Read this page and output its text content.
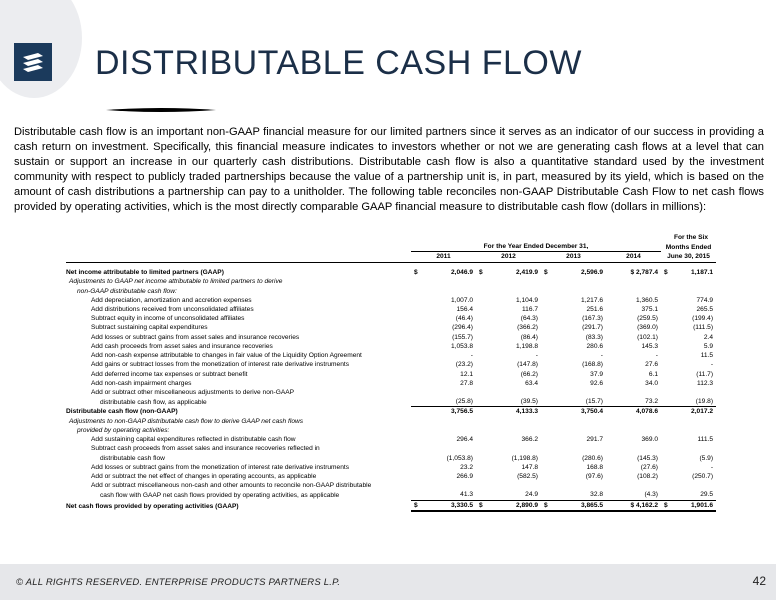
DISTRIBUTABLE CASH FLOW

Distributable cash flow is an important non-GAAP financial measure for our limited partners since it serves as an indicator of our success in providing a cash return on investment. Specifically, this financial measure indicates to investors whether or not we are generating cash flows at a level that can sustain or support an increase in our quarterly cash distributions. Distributable cash flow is also a quantitative standard used by the investment community with respect to publicly traded partnerships because the value of a partnership unit is, in part, measured by its yield, which is based on the amount of cash distributions a partnership can pay to a unitholder. The following table reconciles non-GAAP Distributable Cash Flow to net cash flows provided by operating activities, which is the most directly comparable GAAP financial measure to distributable cash flow (dollars in millions):

	For the Six								
	For the Year Ended December 31,							Months Ended	
	2011		2012		2013		2014	June 30, 2015	

Net income attributable to limited partners (GAAP)	$	2,046.9	$	2,419.9	$	2,596.9	$ 2,787.4	$	1,187.1
Adjustments to GAAP net income attributable to limited partners to derive									
non-GAAP distributable cash flow:									
Add depreciation, amortization and accretion expenses		1,007.0		1,104.9		1,217.6	1,360.5		774.9
Add distributions received from unconsolidated affiliates		156.4		116.7		251.6	375.1		265.5
Subtract equity in income of unconsolidated affiliates		(46.4)		(64.3)		(167.3)	(259.5)		(199.4)
Subtract sustaining capital expenditures		(296.4)		(366.2)		(291.7)	(369.0)		(111.5)
Add losses or subtract gains from asset sales and insurance recoveries		(155.7)		(86.4)		(83.3)	(102.1)		2.4
Add cash proceeds from asset sales and insurance recoveries		1,053.8		1,198.8		280.6	145.3		5.9
Add non-cash expense attributable to changes in fair value of the Liquidity Option Agreement		-		-		-	-		11.5
Add gains or subtract losses from the monetization of interest rate derivative instruments		(23.2)		(147.8)		(168.8)	27.6		-
Add deferred income tax expenses or subtract benefit		12.1		(66.2)		37.9	6.1		(11.7)
Add non-cash impairment charges		27.8		63.4		92.6	34.0		112.3
Add or subtract other miscellaneous adjustments to derive non-GAAP									
distributable cash flow, as applicable		(25.8)		(39.5)		(15.7)	73.2		(19.8)
Distributable cash flow (non-GAAP)		3,756.5		4,133.3		3,750.4	4,078.6		2,017.2
Adjustments to non-GAAP distributable cash flow to derive GAAP net cash flows									
provided by operating activities:									
Add sustaining capital expenditures reflected in distributable cash flow		296.4		366.2		291.7	369.0		111.5
Subtract cash proceeds from asset sales and insurance recoveries reflected in									
distributable cash flow		(1,053.8)		(1,198.8)		(280.6)	(145.3)		(5.9)
Add losses or subtract gains from the monetization of interest rate derivative instruments		23.2		147.8		168.8	(27.6)		-
Add or subtract the net effect of changes in operating accounts, as applicable		266.9		(582.5)		(97.6)	(108.2)		(250.7)
Add or subtract miscellaneous non-cash and other amounts to reconcile non-GAAP distributable									
cash flow with GAAP net cash flows provided by operating activities, as applicable		41.3		24.9		32.8	(4.3)		29.5
Net cash flows provided by operating activities (GAAP)	$	3,330.5	$	2,890.9	$	3,865.5	$ 4,162.2	$	1,901.6
© ALL RIGHTS RESERVED. ENTERPRISE PRODUCTS PARTNERS L.P.	42
